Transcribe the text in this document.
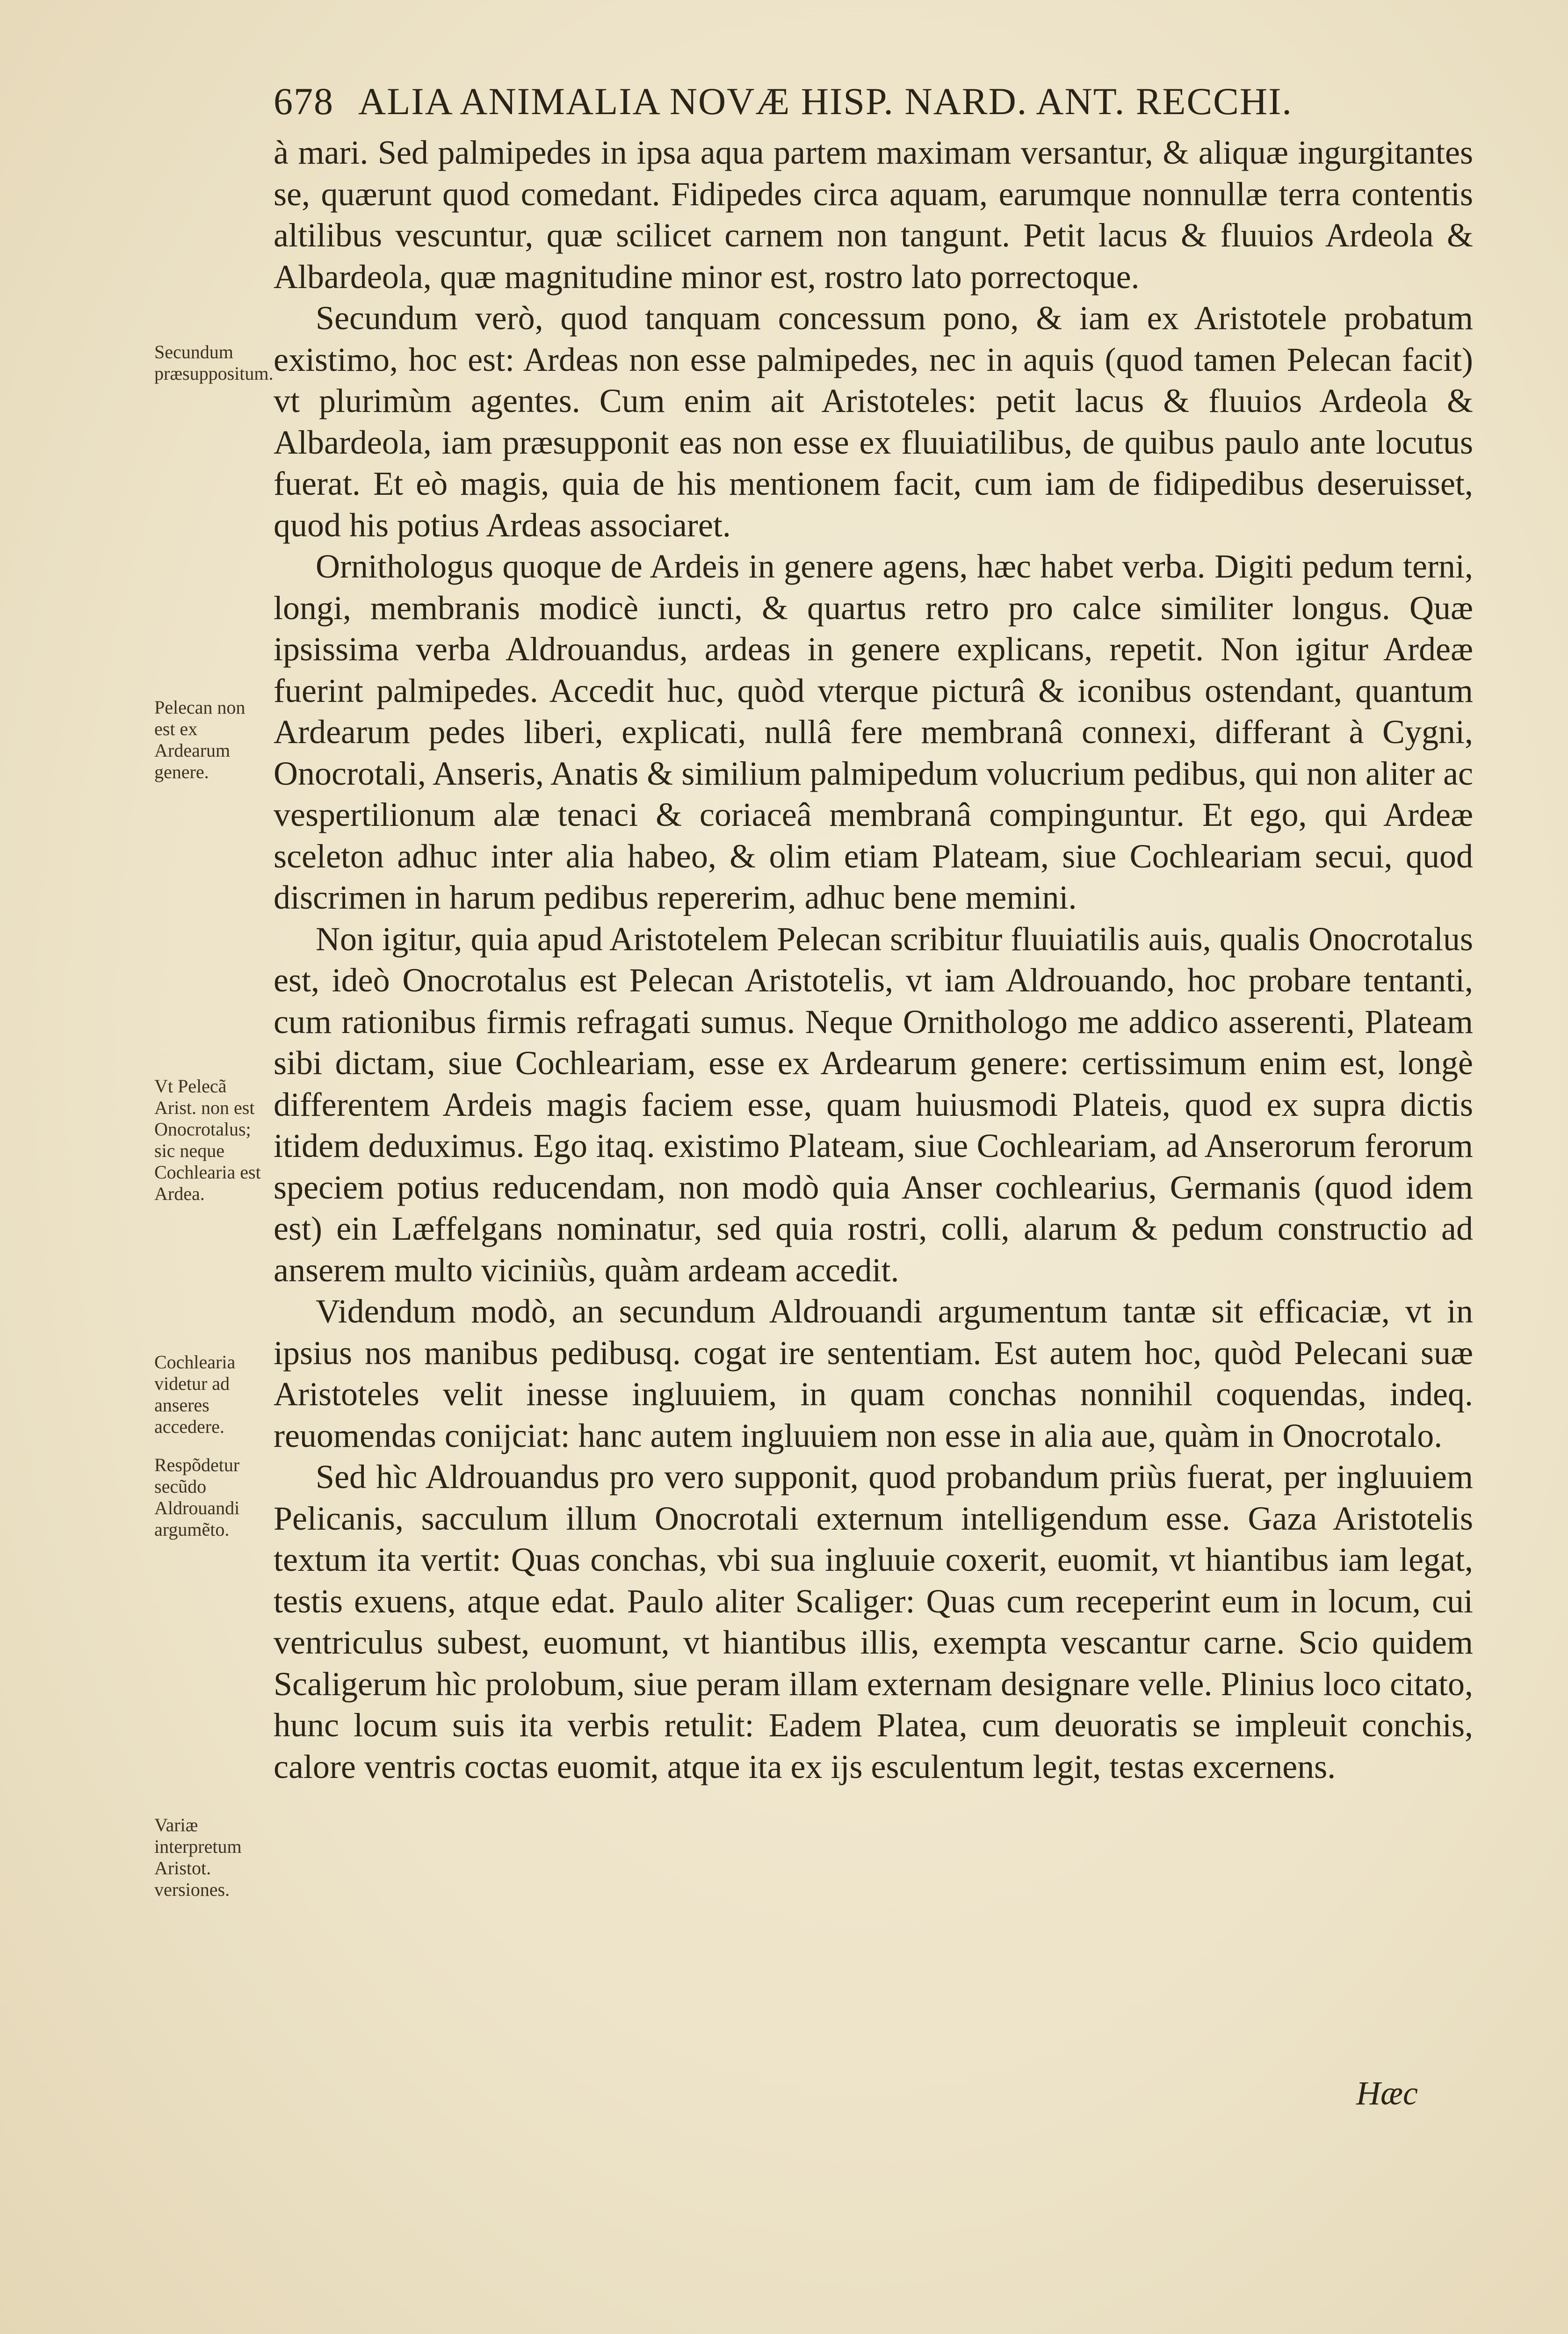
678 ALIA ANIMALIA NOVÆ HISP. NARD. ANT. RECCHI.

à mari. Sed palmipedes in ipsa aqua partem maximam versantur, & aliquæ ingurgitantes se, quærunt quod comedant. Fidipedes circa aquam, earumque nonnullæ terra contentis altilibus vescuntur, quæ scilicet carnem non tangunt. Petit lacus & fluuios Ardeola & Albardeola, quæ magnitudine minor est, rostro lato porrectoque.

Secundum verò, quod tanquam concessum pono, & iam ex Aristotele probatum existimo, hoc est: Ardeas non esse palmipedes, nec in aquis (quod tamen Pelecan facit) vt plurimùm agentes. Cum enim ait Aristoteles: petit lacus & fluuios Ardeola & Albardeola, iam præsupponit eas non esse ex fluuiatilibus, de quibus paulo ante locutus fuerat. Et eò magis, quia de his mentionem facit, cum iam de fidipedibus deseruisset, quod his potius Ardeas associaret.

Ornithologus quoque de Ardeis in genere agens, hæc habet verba. Digiti pedum terni, longi, membranis modicè iuncti, & quartus retro pro calce similiter longus. Quæ ipsissima verba Aldrouandus, ardeas in genere explicans, repetit. Non igitur Ardeæ fuerint palmipedes. Accedit huc, quòd vterque picturâ & iconibus ostendant, quantum Ardearum pedes liberi, explicati, nullâ fere membranâ connexi, differant à Cygni, Onocrotali, Anseris, Anatis & similium palmipedum volucrium pedibus, qui non aliter ac vespertilionum alæ tenaci & coriaceâ membranâ compinguntur. Et ego, qui Ardeæ sceleton adhuc inter alia habeo, & olim etiam Plateam, siue Cochleariam secui, quod discrimen in harum pedibus repererim, adhuc bene memini.

Non igitur, quia apud Aristotelem Pelecan scribitur fluuiatilis auis, qualis Onocrotalus est, ideò Onocrotalus est Pelecan Aristotelis, vt iam Aldrouando, hoc probare tentanti, cum rationibus firmis refragati sumus. Neque Ornithologo me addico asserenti, Plateam sibi dictam, siue Cochleariam, esse ex Ardearum genere: certissimum enim est, longè differentem Ardeis magis faciem esse, quam huiusmodi Plateis, quod ex supra dictis itidem deduximus. Ego itaq. existimo Plateam, siue Cochleariam, ad Anserorum ferorum speciem potius reducendam, non modò quia Anser cochlearius, Germanis (quod idem est) ein Læffelgans nominatur, sed quia rostri, colli, alarum & pedum constructio ad anserem multo viciniùs, quàm ardeam accedit.

Videndum modò, an secundum Aldrouandi argumentum tantæ sit efficaciæ, vt in ipsius nos manibus pedibusq. cogat ire sententiam. Est autem hoc, quòd Pelecani suæ Aristoteles velit inesse ingluuiem, in quam conchas nonnihil coquendas, indeq. reuomendas conijciat: hanc autem ingluuiem non esse in alia aue, quàm in Onocrotalo.

Sed hìc Aldrouandus pro vero supponit, quod probandum priùs fuerat, per ingluuiem Pelicanis, sacculum illum Onocrotali externum intelligendum esse. Gaza Aristotelis textum ita vertit: Quas conchas, vbi sua ingluuie coxerit, euomit, vt hiantibus iam legat, testis exuens, atque edat. Paulo aliter Scaliger: Quas cum receperint eum in locum, cui ventriculus subest, euomunt, vt hiantibus illis, exempta vescantur carne. Scio quidem Scaligerum hìc prolobum, siue peram illam externam designare velle. Plinius loco citato, hunc locum suis ita verbis retulit: Eadem Platea, cum deuoratis se impleuit conchis, calore ventris coctas euomit, atque ita ex ijs esculentum legit, testas excernens.

Secundum præsuppositum.
Pelecan non est ex Ardearum genere.
Vt Pelecã Arist. non est Onocrotalus; sic neque Cochlearia est Ardea.
Cochlearia videtur ad anseres accedere.
Respõdetur secũdo Aldrouandi argumẽto.
Variæ interpretum Aristot. versiones.
Hæc
